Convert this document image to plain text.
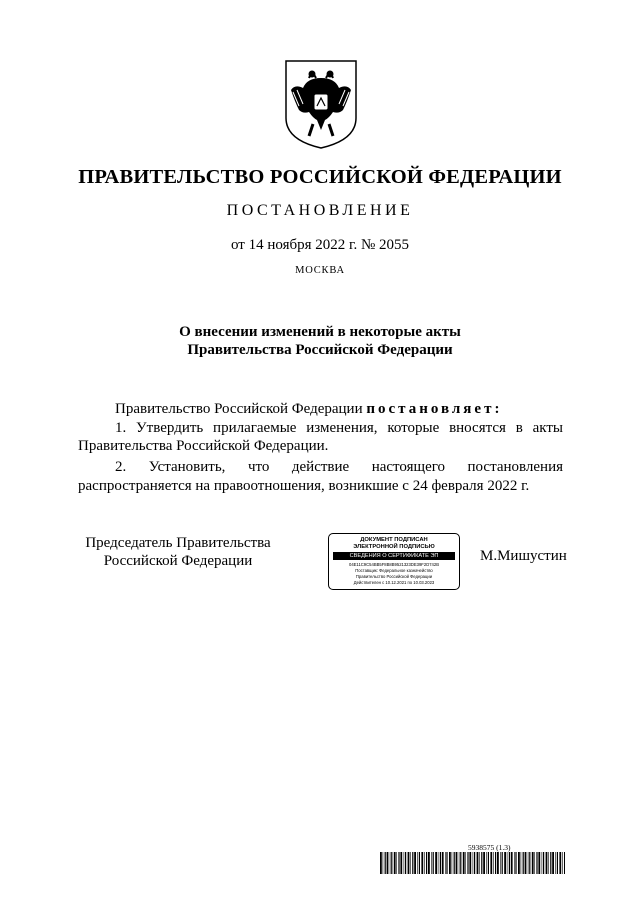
ПРАВИТЕЛЬСТВО РОССИЙСКОЙ ФЕДЕРАЦИИ
ПОСТАНОВЛЕНИЕ
от 14 ноября 2022 г. № 2055
МОСКВА
О внесении изменений в некоторые акты
Правительства Российской Федерации
Правительство Российской Федерации постановляет:
1. Утвердить прилагаемые изменения, которые вносятся в акты
Правительства Российской Федерации.
2. Установить, что действие настоящего постановления
распространяется на правоотношения, возникшие с 24 февраля 2022 г.
Председатель Правительства
Российской Федерации
ДОКУМЕНТ ПОДПИСАН
ЭЛЕКТРОННОЙ ПОДПИСЬЮ
СВЕДЕНИЯ О СЕРТИФИКАТЕ ЭП
04E11C9C54BB5F8B8B9521323DE39F2D742B
Поставщик: Федеральное казначейство
Правительство Российской Федерации
Действителен с 10.12.2021 по 10.03.2023
М.Мишустин
5938575 (1.3)
